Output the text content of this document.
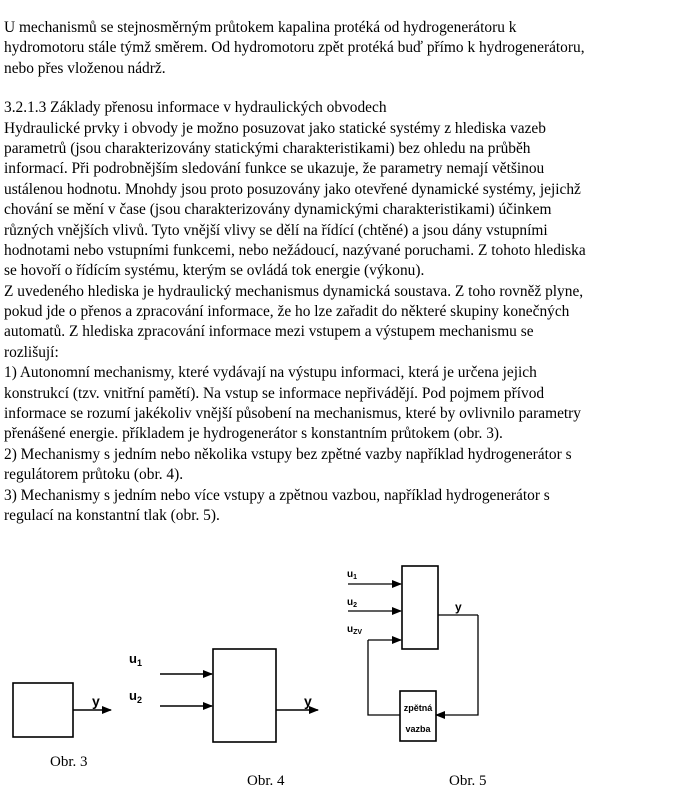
U mechanismů se stejnosměrným průtokem kapalina protéká od hydrogenerátoru k
hydromotoru stále týmž směrem. Od hydromotoru zpět protéká buď přímo k hydrogenerátoru,
nebo přes vloženou nádrž.
3.2.1.3 Základy přenosu informace v hydraulických obvodech
Hydraulické prvky i obvody je možno posuzovat jako statické systémy z hlediska vazeb
parametrů (jsou charakterizovány statickými charakteristikami) bez ohledu na průběh
informací. Při podrobnějším sledování funkce se ukazuje, že parametry nemají většinou
ustálenou hodnotu. Mnohdy jsou proto posuzovány jako otevřené dynamické systémy, jejichž
chování se mění v čase (jsou charakterizovány dynamickými charakteristikami) účinkem
různých vnějších vlivů. Tyto vnější vlivy se dělí na řídící (chtěné) a jsou dány vstupními
hodnotami nebo vstupními funkcemi, nebo nežádoucí, nazývané poruchami. Z tohoto hlediska
se hovoří o řídícím systému, kterým se ovládá tok energie (výkonu).
Z uvedeného hlediska je hydraulický mechanismus dynamická soustava. Z toho rovněž plyne,
pokud jde o přenos a zpracování informace, že ho lze zařadit do některé skupiny konečných
automatů. Z hlediska zpracování informace mezi vstupem a výstupem mechanismu se
rozlišují:
1) Autonomní mechanismy, které vydávají na výstupu informaci, která je určena jejich
konstrukcí (tzv. vnitřní pamětí). Na vstup se informace nepřivádějí. Pod pojmem přívod
informace se rozumí jakékoliv vnější působení na mechanismus, které by ovlivnilo parametry
přenášené energie. příkladem je hydrogenerátor s konstantním průtokem (obr. 3).
2) Mechanismy s jedním nebo několika vstupy bez zpětné vazby například hydrogenerátor s
regulátorem průtoku (obr. 4).
3) Mechanismy s jedním nebo více vstupy a zpětnou vazbou, například hydrogenerátor s
regulací na konstantní tlak (obr. 5).
y
Obr. 3
$u_1$
$u_2$	y
Obr. 4
$u_1$
$u_2$
$u_{ZV}$
y
zpětná
vazba
Obr. 5
